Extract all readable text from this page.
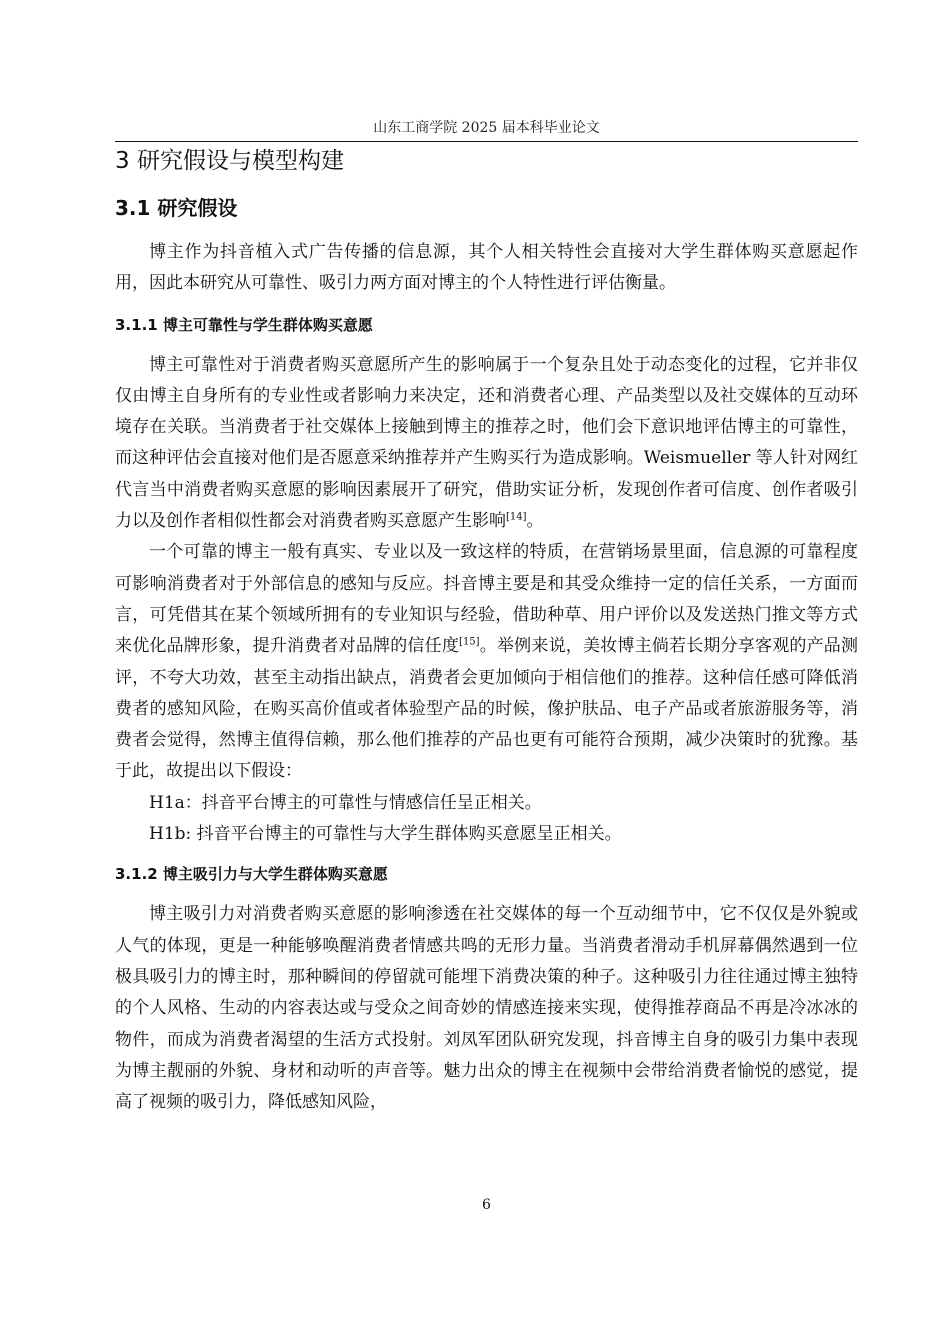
山东工商学院 2025 届本科毕业论文
3 研究假设与模型构建
3.1 研究假设

博主作为抖音植入式广告传播的信息源，其个人相关特性会直接对大学生群体购买意愿起作用，因此本研究从可靠性、吸引力两方面对博主的个人特性进行评估衡量。

3.1.1 博主可靠性与学生群体购买意愿

博主可靠性对于消费者购买意愿所产生的影响属于一个复杂且处于动态变化的过程，它并非仅仅由博主自身所有的专业性或者影响力来决定，还和消费者心理、产品类型以及社交媒体的互动环境存在关联。当消费者于社交媒体上接触到博主的推荐之时，他们会下意识地评估博主的可靠性，而这种评估会直接对他们是否愿意采纳推荐并产生购买行为造成影响。Weismueller 等人针对网红代言当中消费者购买意愿的影响因素展开了研究，借助实证分析，发现创作者可信度、创作者吸引力以及创作者相似性都会对消费者购买意愿产生影响[14]。

一个可靠的博主一般有真实、专业以及一致这样的特质，在营销场景里面，信息源的可靠程度可影响消费者对于外部信息的感知与反应。抖音博主要是和其受众维持一定的信任关系，一方面而言，可凭借其在某个领域所拥有的专业知识与经验，借助种草、用户评价以及发送热门推文等方式来优化品牌形象，提升消费者对品牌的信任度[15]。举例来说，美妆博主倘若长期分享客观的产品测评，不夸大功效，甚至主动指出缺点，消费者会更加倾向于相信他们的推荐。这种信任感可降低消费者的感知风险，在购买高价值或者体验型产品的时候，像护肤品、电子产品或者旅游服务等，消费者会觉得，然博主值得信赖，那么他们推荐的产品也更有可能符合预期，减少决策时的犹豫。基于此，故提出以下假设：

H1a：抖音平台博主的可靠性与情感信任呈正相关。

H1b: 抖音平台博主的可靠性与大学生群体购买意愿呈正相关。

3.1.2 博主吸引力与大学生群体购买意愿

博主吸引力对消费者购买意愿的影响渗透在社交媒体的每一个互动细节中，它不仅仅是外貌或人气的体现，更是一种能够唤醒消费者情感共鸣的无形力量。当消费者滑动手机屏幕偶然遇到一位极具吸引力的博主时，那种瞬间的停留就可能埋下消费决策的种子。这种吸引力往往通过博主独特的个人风格、生动的内容表达或与受众之间奇妙的情感连接来实现，使得推荐商品不再是冷冰冰的物件，而成为消费者渴望的生活方式投射。刘凤军团队研究发现，抖音博主自身的吸引力集中表现为博主靓丽的外貌、身材和动听的声音等。魅力出众的博主在视频中会带给消费者愉悦的感觉，提高了视频的吸引力，降低感知风险，

6
